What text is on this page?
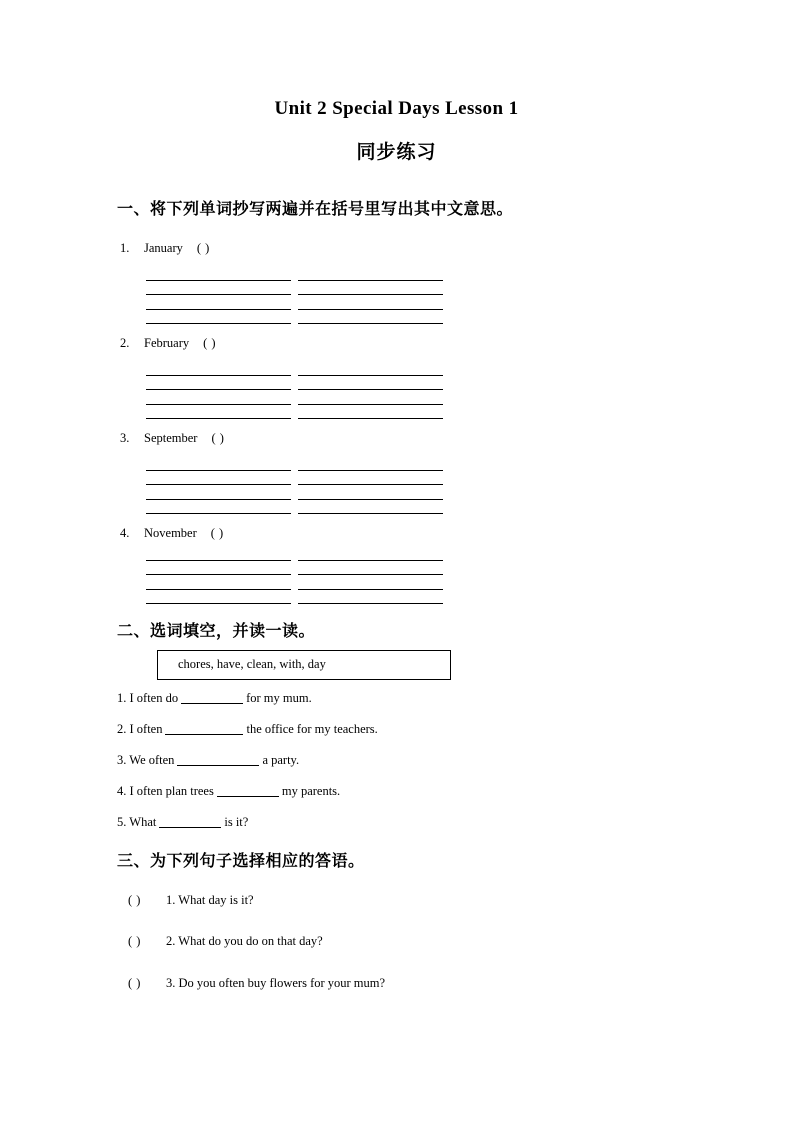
Unit 2 Special Days Lesson 1
同步练习
一、将下列单词抄写两遍并在括号里写出其中文意思。
1. January ( )
2. February ( )
3. September ( )
4. November ( )
二、选词填空，并读一读。
chores, have, clean, with, day
1. I often do	for my mum.
2. I often	the office for my teachers.
3. We often	a party.
4. I often plan trees	my parents.
5. What	is it?
三、为下列句子选择相应的答语。
( ) 1. What day is it?
( ) 2. What do you do on that day?
( ) 3. Do you often buy flowers for your mum?
